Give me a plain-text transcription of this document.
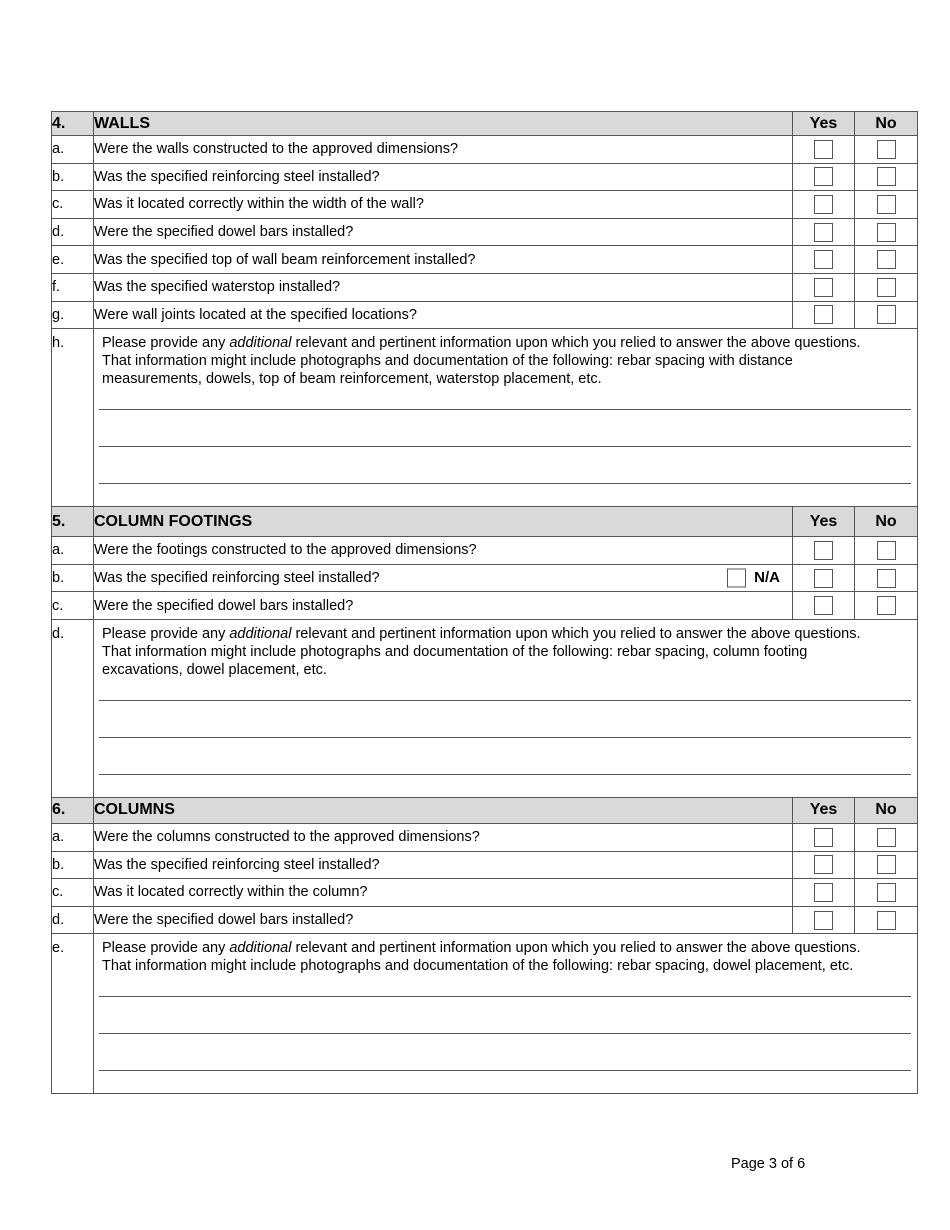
4.	WALLS	Yes	No
a.	Were the walls constructed to the approved dimensions?		
b.	Was the specified reinforcing steel installed?		
c.	Was it located correctly within the width of the wall?		
d.	Were the specified dowel bars installed?		
e.	Was the specified top of wall beam reinforcement installed?		
f.	Was the specified waterstop installed?		
g.	Were wall joints located at the specified locations?		
h.	Please provide any additional relevant and pertinent information upon which you relied to answer the above questions. That information might include photographs and documentation of the following: rebar spacing with distance measurements, dowels, top of beam reinforcement, waterstop placement, etc.		

5.	COLUMN FOOTINGS	Yes	No
a.	Were the footings constructed to the approved dimensions?		
b.	Was the specified reinforcing steel installed? N/A		

c.	Were the specified dowel bars installed?		
d.	Please provide any additional relevant and pertinent information upon which you relied to answer the above questions. That information might include photographs and documentation of the following: rebar spacing, column footing excavations, dowel placement, etc.		

6.	COLUMNS	Yes	No
a.	Were the columns constructed to the approved dimensions?		
b.	Was the specified reinforcing steel installed?		
c.	Was it located correctly within the column?		
d.	Were the specified dowel bars installed?		
e.	Please provide any additional relevant and pertinent information upon which you relied to answer the above questions. That information might include photographs and documentation of the following: rebar spacing, dowel placement, etc.		
Page 3 of 6
